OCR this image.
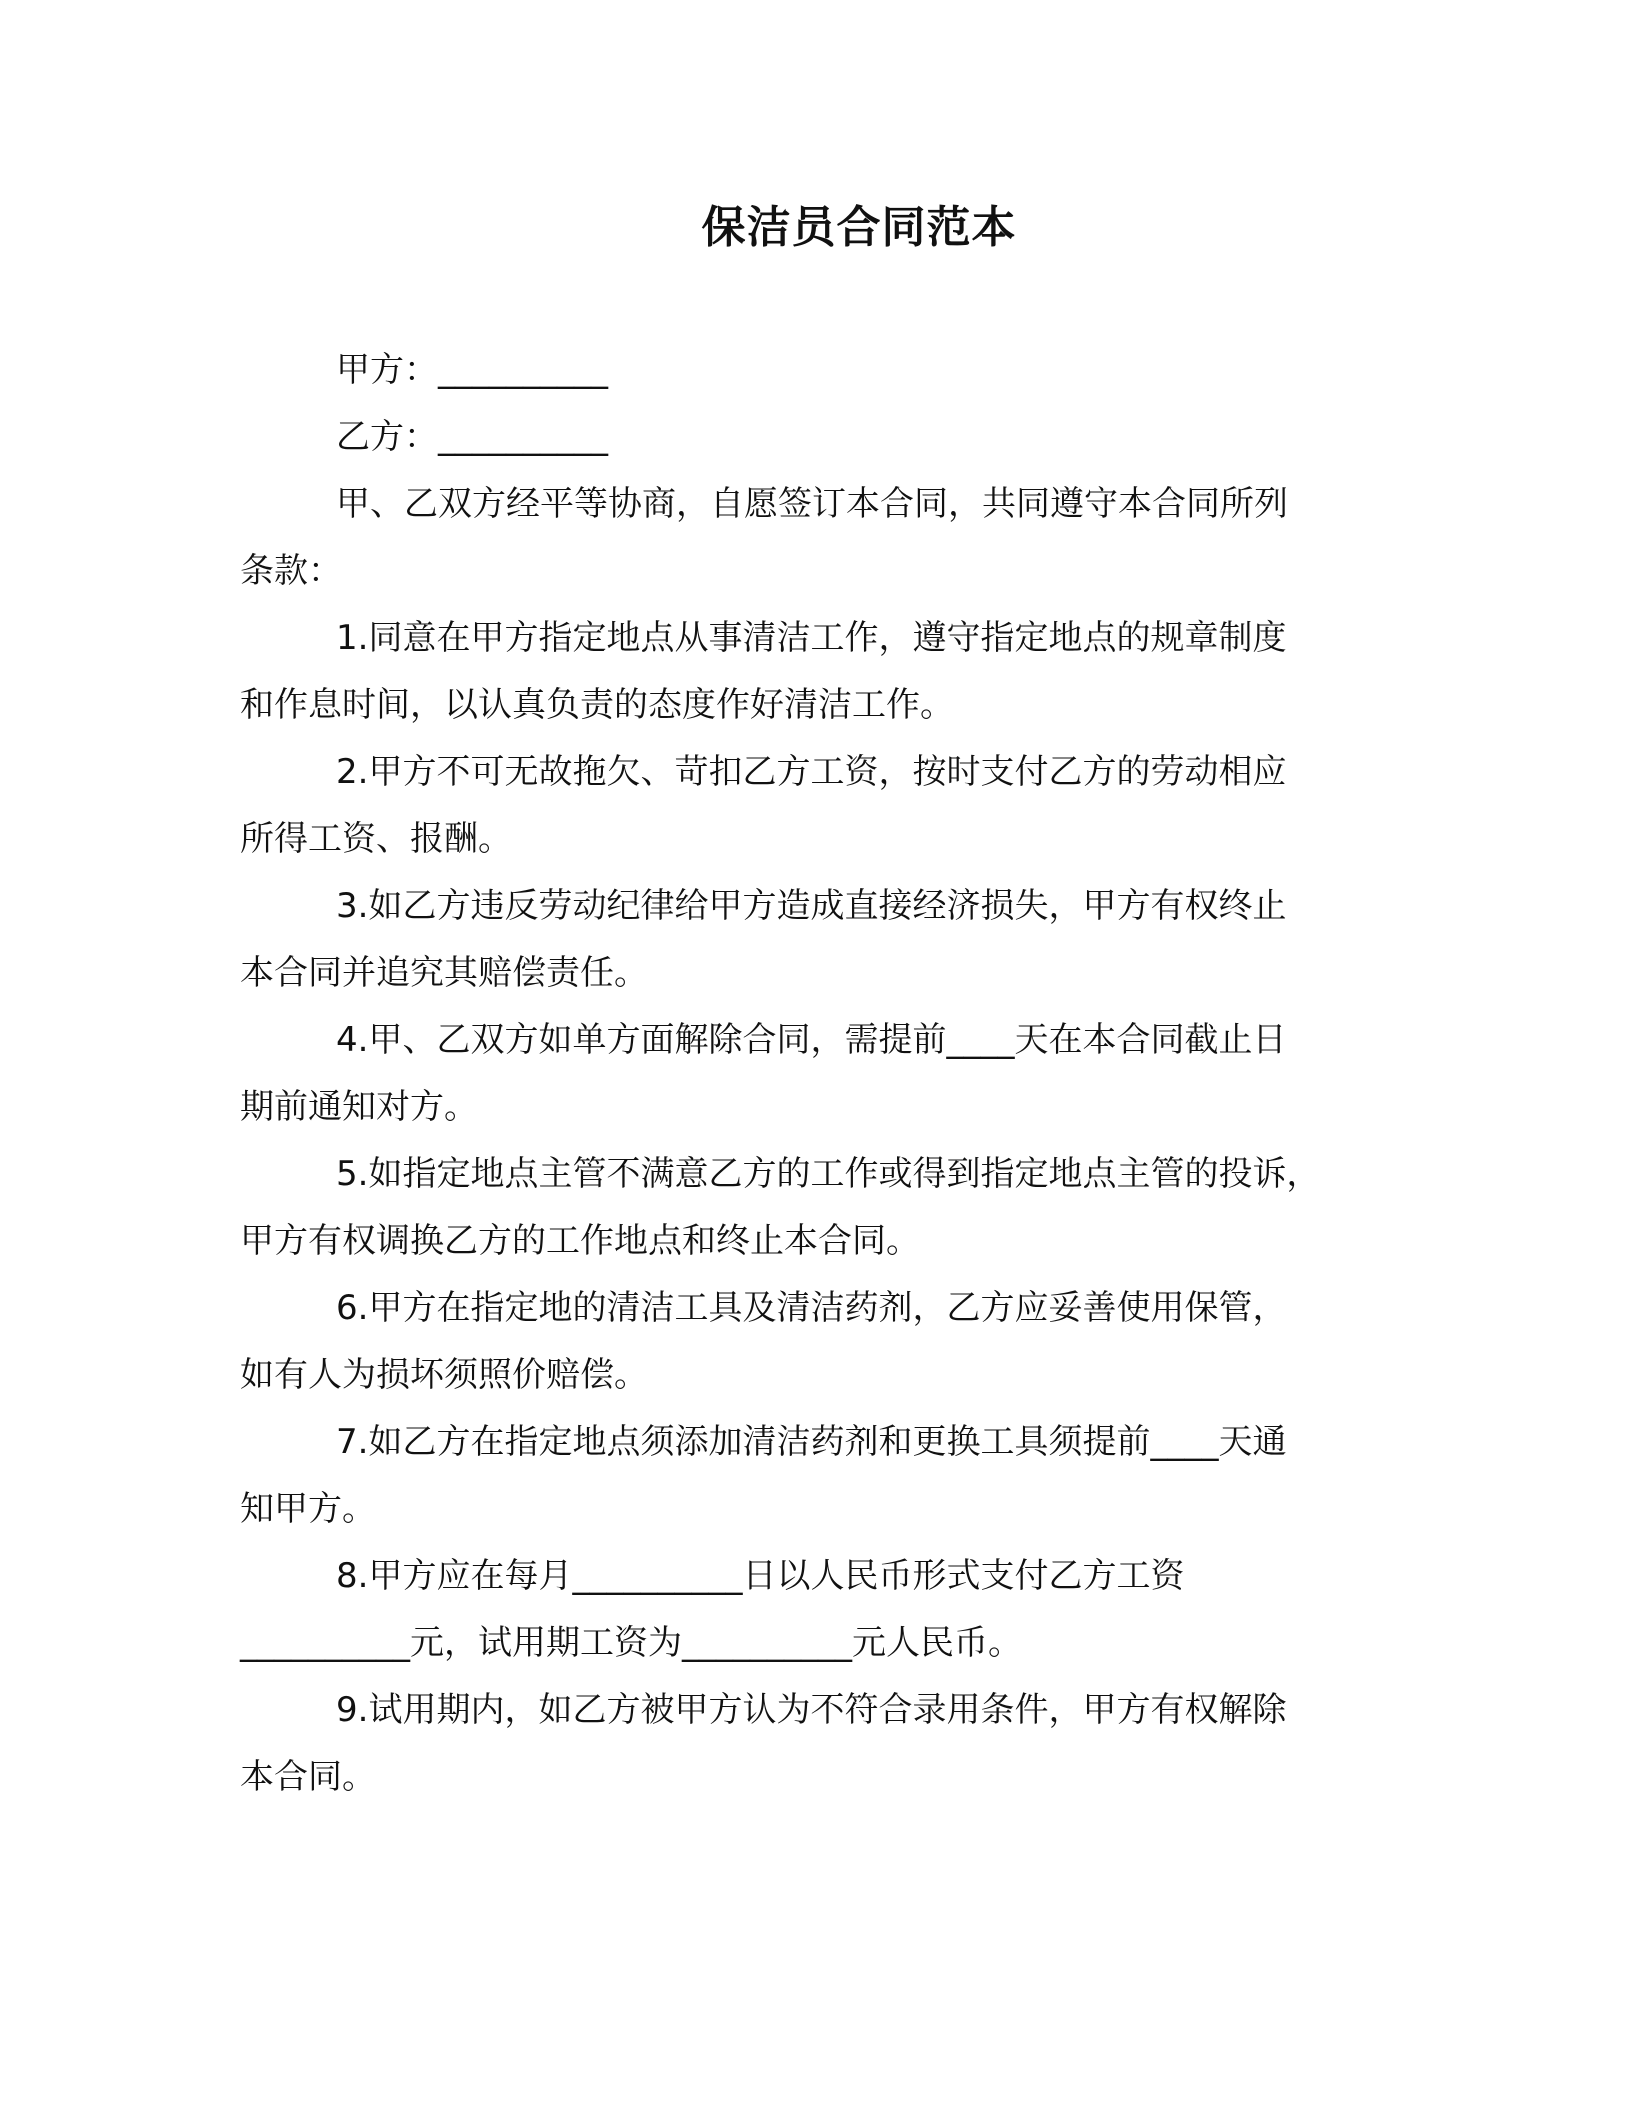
保洁员合同范本
甲方：__________
乙方：__________
甲、乙双方经平等协商，自愿签订本合同，共同遵守本合同所列
条款：
1.同意在甲方指定地点从事清洁工作，遵守指定地点的规章制度
和作息时间，以认真负责的态度作好清洁工作。
2.甲方不可无故拖欠、苛扣乙方工资，按时支付乙方的劳动相应
所得工资、报酬。
3.如乙方违反劳动纪律给甲方造成直接经济损失，甲方有权终止
本合同并追究其赔偿责任。
4.甲、乙双方如单方面解除合同，需提前____天在本合同截止日
期前通知对方。
5.如指定地点主管不满意乙方的工作或得到指定地点主管的投诉，
甲方有权调换乙方的工作地点和终止本合同。
6.甲方在指定地的清洁工具及清洁药剂，乙方应妥善使用保管，
如有人为损坏须照价赔偿。
7.如乙方在指定地点须添加清洁药剂和更换工具须提前____天通
知甲方。
8.甲方应在每月__________日以人民币形式支付乙方工资
__________元，试用期工资为__________元人民币。
9.试用期内，如乙方被甲方认为不符合录用条件，甲方有权解除
本合同。
